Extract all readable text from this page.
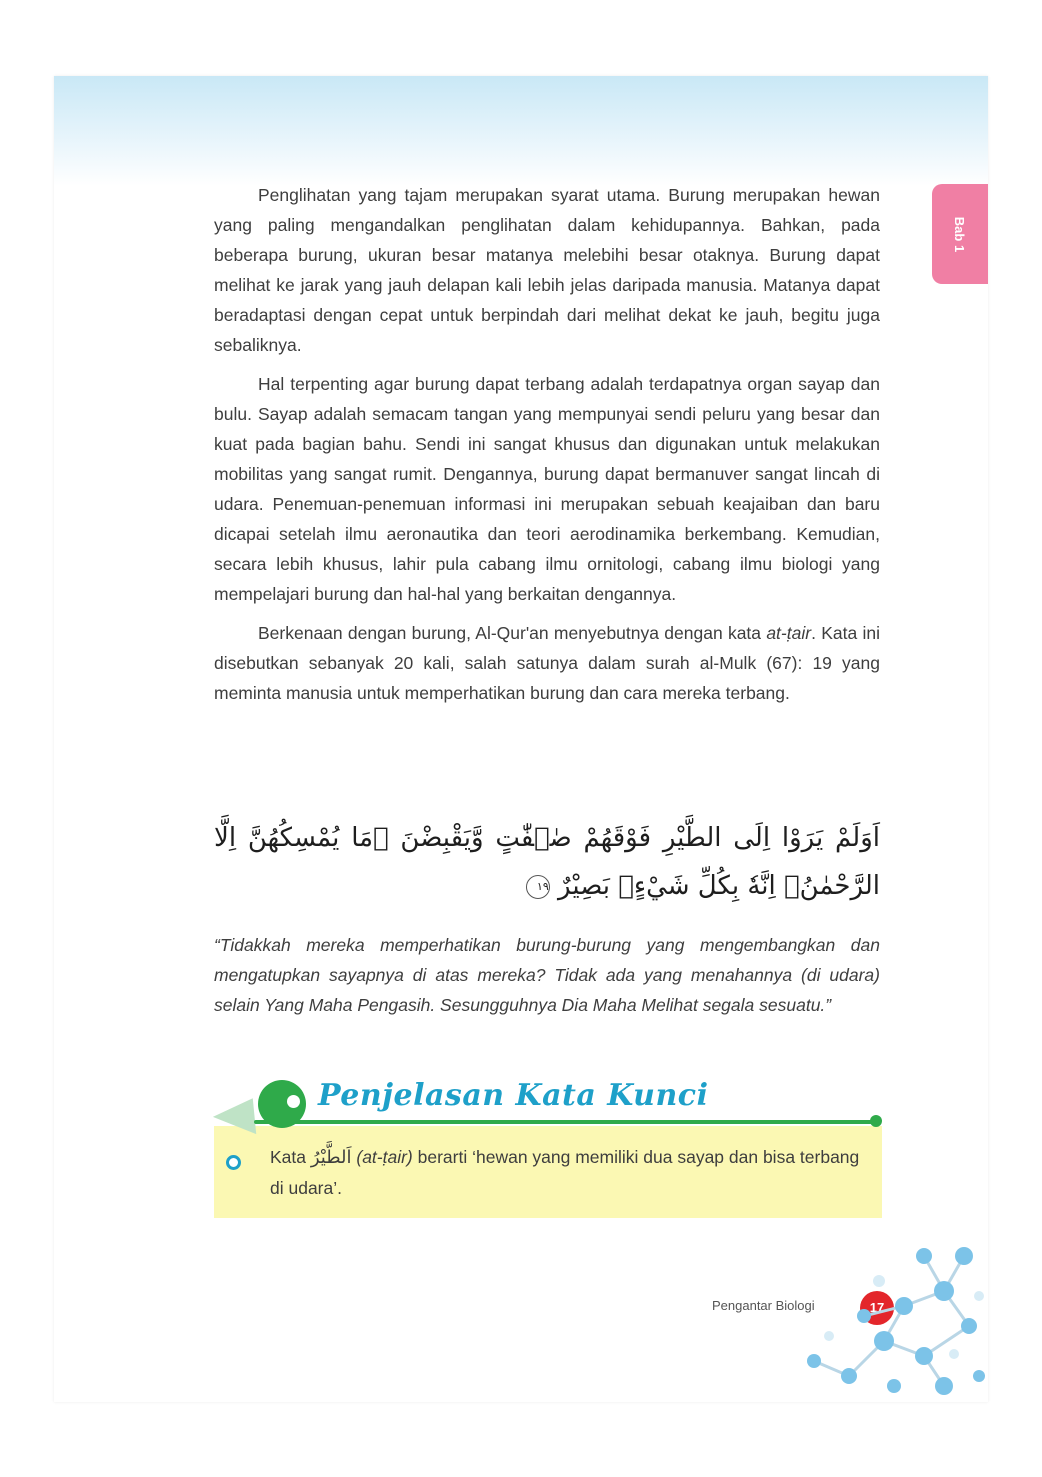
Bab 1

Penglihatan yang tajam merupakan syarat utama. Burung merupakan hewan yang paling mengandalkan penglihatan dalam kehidupannya. Bahkan, pada beberapa burung, ukuran besar matanya melebihi besar otaknya. Burung dapat melihat ke jarak yang jauh delapan kali lebih jelas daripada manusia. Matanya dapat beradaptasi dengan cepat untuk berpindah dari melihat dekat ke jauh, begitu juga sebaliknya.

Hal terpenting agar burung dapat terbang adalah terdapatnya organ sayap dan bulu. Sayap adalah semacam tangan yang mempunyai sendi peluru yang besar dan kuat pada bagian bahu. Sendi ini sangat khusus dan digunakan untuk melakukan mobilitas yang sangat rumit. Dengannya, burung dapat bermanuver sangat lincah di udara. Penemuan-penemuan informasi ini merupakan sebuah keajaiban dan baru dicapai setelah ilmu aeronautika dan teori aerodinamika berkembang. Kemudian, secara lebih khusus, lahir pula cabang ilmu ornitologi, cabang ilmu biologi yang mempelajari burung dan hal-hal yang berkaitan dengannya.

Berkenaan dengan burung, Al-Qur'an menyebutnya dengan kata at-ṭair. Kata ini disebutkan sebanyak 20 kali, salah satunya dalam surah al-Mulk (67): 19 yang meminta manusia untuk memperhatikan burung dan cara mereka terbang.

اَوَلَمْ يَرَوْا اِلَى الطَّيْرِ فَوْقَهُمْ صٰۤفّٰتٍ وَّيَقْبِضْنَ ۘمَا يُمْسِكُهُنَّ اِلَّا الرَّحْمٰنُۗ اِنَّهٗ بِكُلِّ شَيْءٍۢ بَصِيْرٌ ١٩

“Tidakkah mereka memperhatikan burung-burung yang mengembangkan dan mengatupkan sayapnya di atas mereka? Tidak ada yang menahannya (di udara) selain Yang Maha Pengasih. Sesungguhnya Dia Maha Melihat segala sesuatu.”

Kata اَلطَّيْرُ (at-ṭair) berarti ‘hewan yang memiliki dua sayap dan bisa terbang di udara’.

Penjelasan Kata Kunci
Pengantar Biologi	17
